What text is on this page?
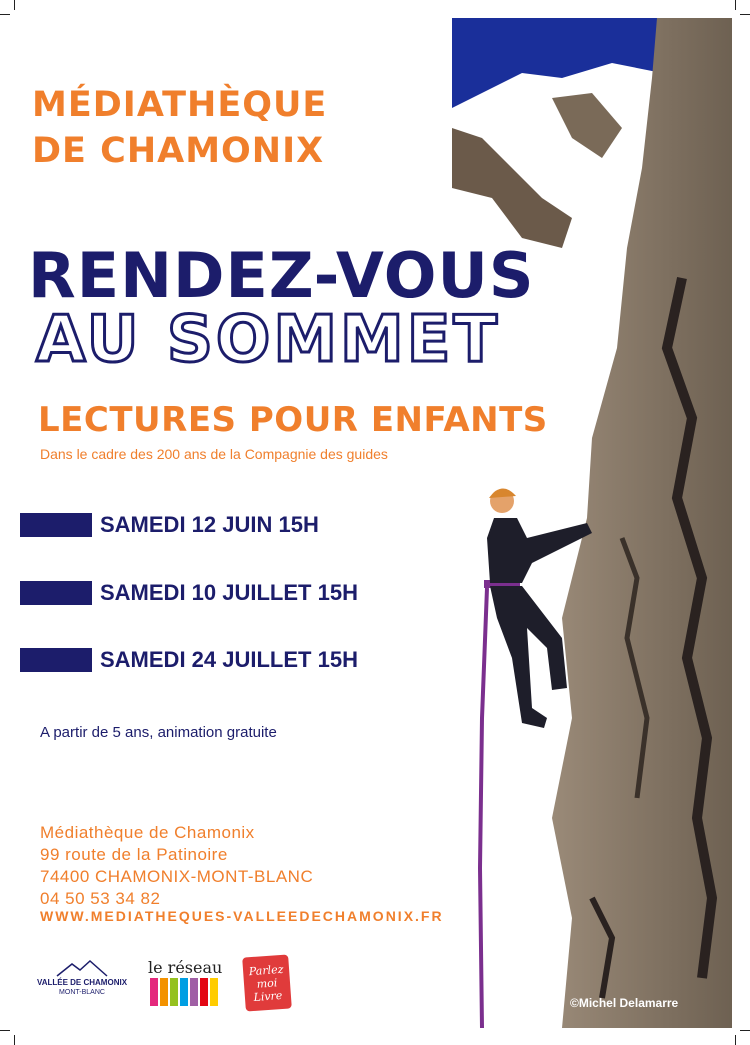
MÉDIATHÈQUE
DE CHAMONIX
RENDEZ-VOUS
AU SOMMET
LECTURES POUR ENFANTS

Dans le cadre des 200 ans de la Compagnie des guides

SAMEDI 12 JUIN 15H
SAMEDI 10 JUILLET 15H
SAMEDI 24 JUILLET 15H

A partir de 5 ans, animation gratuite

Médiathèque de Chamonix
99 route de la Patinoire
74400 CHAMONIX-MONT-BLANC
04 50 53 34 82

WWW.MEDIATHEQUES-VALLEEDECHAMONIX.FR

VALLÉE DE CHAMONIX
MONT-BLANC
le réseau	Parlez
moi
Livre	©Michel Delamarre
